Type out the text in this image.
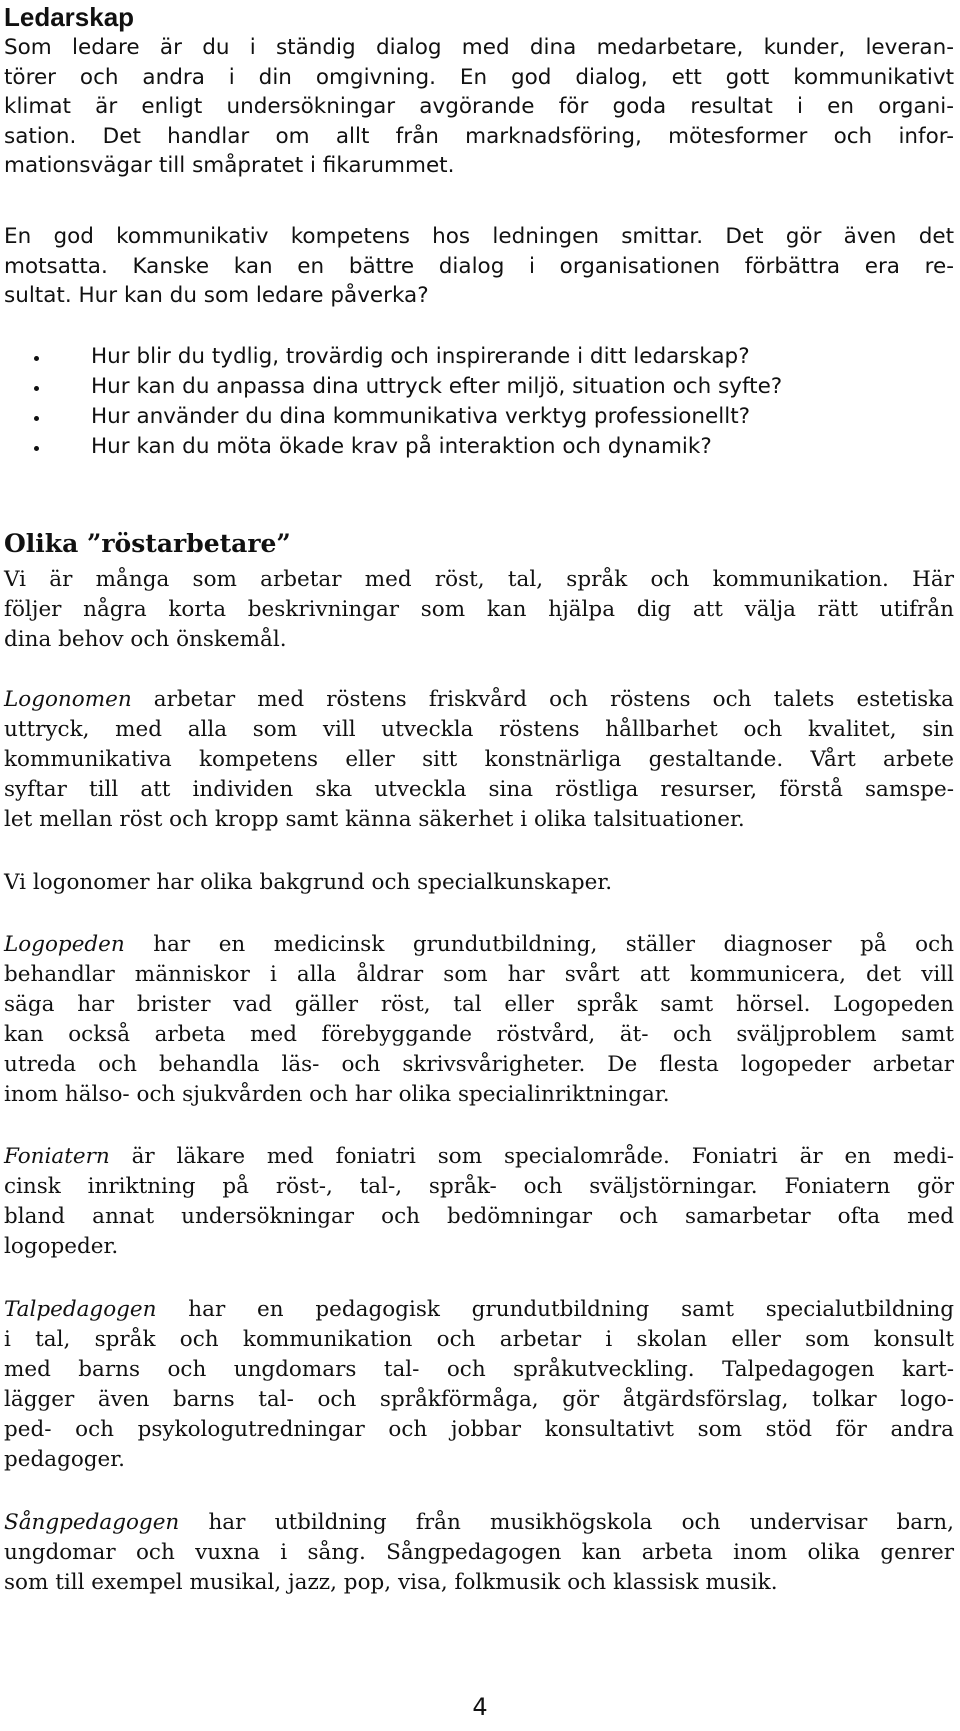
Ledarskap
Som ledare är du i ständig dialog med dina medarbetare, kunder, leveran-
törer och andra i din omgivning. En god dialog, ett gott kommunikativt
klimat är enligt undersökningar avgörande för goda resultat i en organi-
sation. Det handlar om allt från marknadsföring, mötesformer och infor-
mationsvägar till småpratet i fikarummet.
En god kommunikativ kompetens hos ledningen smittar. Det gör även det
motsatta. Kanske kan en bättre dialog i organisationen förbättra era re-
sultat. Hur kan du som ledare påverka?
Hur blir du tydlig, trovärdig och inspirerande i ditt ledarskap?
Hur kan du anpassa dina uttryck efter miljö, situation och syfte?
Hur använder du dina kommunikativa verktyg professionellt?
Hur kan du möta ökade krav på interaktion och dynamik?
Olika ”röstarbetare”
Vi är många som arbetar med röst, tal, språk och kommunikation. Här
följer några korta beskrivningar som kan hjälpa dig att välja rätt utifrån
dina behov och önskemål.
Logonomen arbetar med röstens friskvård och röstens och talets estetiska
uttryck, med alla som vill utveckla röstens hållbarhet och kvalitet, sin
kommunikativa kompetens eller sitt konstnärliga gestaltande. Vårt arbete
syftar till att individen ska utveckla sina röstliga resurser, förstå samspe-
let mellan röst och kropp samt känna säkerhet i olika talsituationer.
Vi logonomer har olika bakgrund och specialkunskaper.
Logopeden har en medicinsk grundutbildning, ställer diagnoser på och
behandlar människor i alla åldrar som har svårt att kommunicera, det vill
säga har brister vad gäller röst, tal eller språk samt hörsel. Logopeden
kan också arbeta med förebyggande röstvård, ät- och sväljproblem samt
utreda och behandla läs- och skrivsvårigheter. De flesta logopeder arbetar
inom hälso- och sjukvården och har olika specialinriktningar.
Foniatern är läkare med foniatri som specialområde. Foniatri är en medi-
cinsk inriktning på röst-, tal-, språk- och sväljstörningar. Foniatern gör
bland annat undersökningar och bedömningar och samarbetar ofta med
logopeder.
Talpedagogen har en pedagogisk grundutbildning samt specialutbildning
i tal, språk och kommunikation och arbetar i skolan eller som konsult
med barns och ungdomars tal- och språkutveckling. Talpedagogen kart-
lägger även barns tal- och språkförmåga, gör åtgärdsförslag, tolkar logo-
ped- och psykologutredningar och jobbar konsultativt som stöd för andra
pedagoger.
Sångpedagogen har utbildning från musikhögskola och undervisar barn,
ungdomar och vuxna i sång. Sångpedagogen kan arbeta inom olika genrer
som till exempel musikal, jazz, pop, visa, folkmusik och klassisk musik.

4
